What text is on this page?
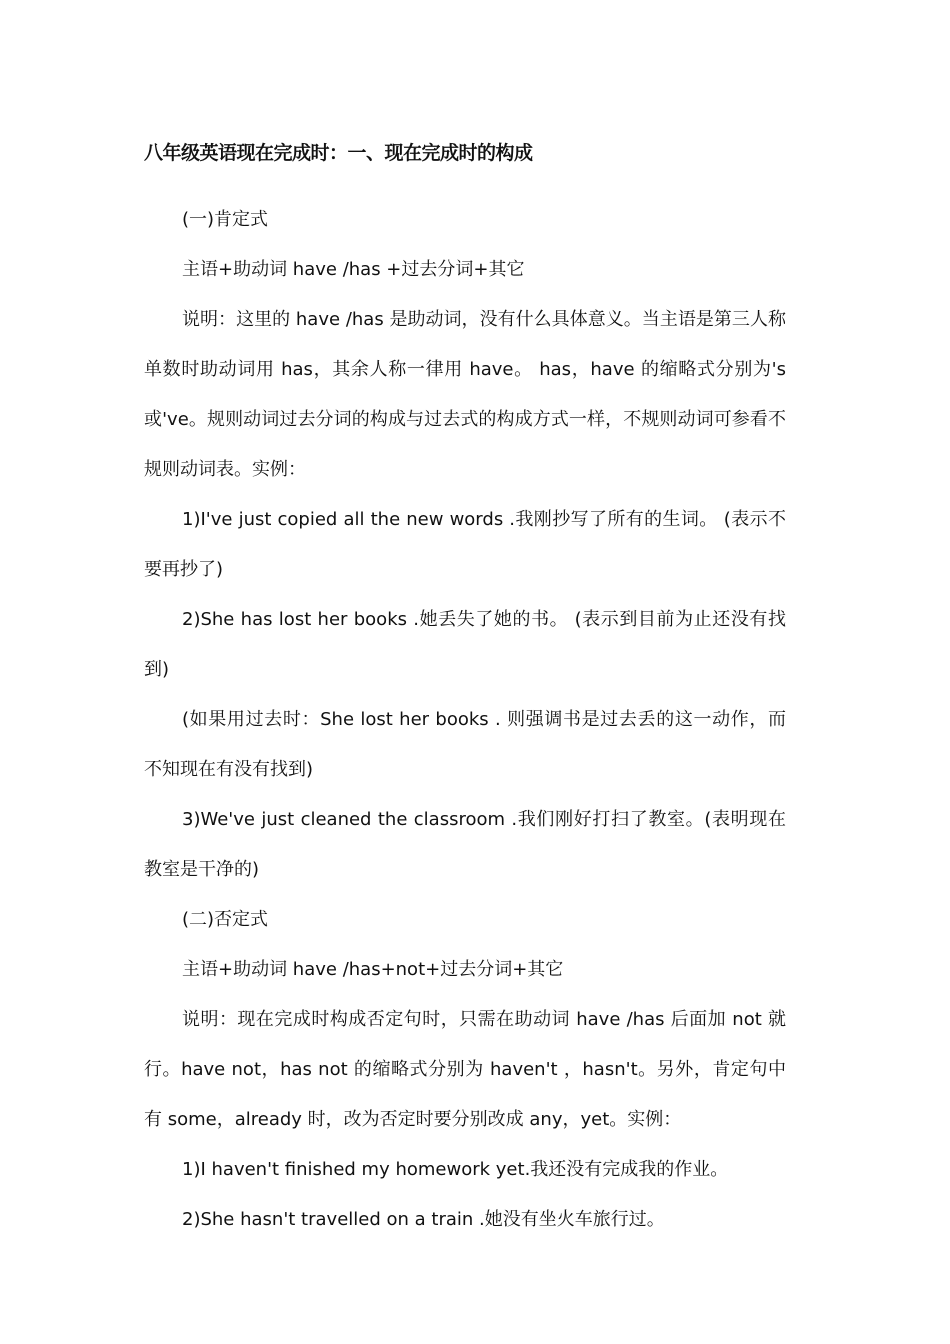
八年级英语现在完成时：一、现在完成时的构成

(一)肯定式

主语+助动词 have /has +过去分词+其它

说明：这里的 have /has 是助动词，没有什么具体意义。当主语是第三人称单数时助动词用 has，其余人称一律用 have。 has，have 的缩略式分别为's 或've。规则动词过去分词的构成与过去式的构成方式一样，不规则动词可参看不规则动词表。实例：

1)I've just copied all the new words .我刚抄写了所有的生词。 (表示不要再抄了)

2)She has lost her books .她丢失了她的书。 (表示到目前为止还没有找到)

(如果用过去时：She lost her books . 则强调书是过去丢的这一动作，而不知现在有没有找到)

3)We've just cleaned the classroom .我们刚好打扫了教室。(表明现在教室是干净的)

(二)否定式

主语+助动词 have /has+not+过去分词+其它

说明：现在完成时构成否定句时，只需在助动词 have /has 后面加 not 就行。have not，has not 的缩略式分别为 haven't ，hasn't。另外，肯定句中有 some，already 时，改为否定时要分别改成 any，yet。实例：

1)I haven't finished my homework yet.我还没有完成我的作业。

2)She hasn't travelled on a train .她没有坐火车旅行过。
